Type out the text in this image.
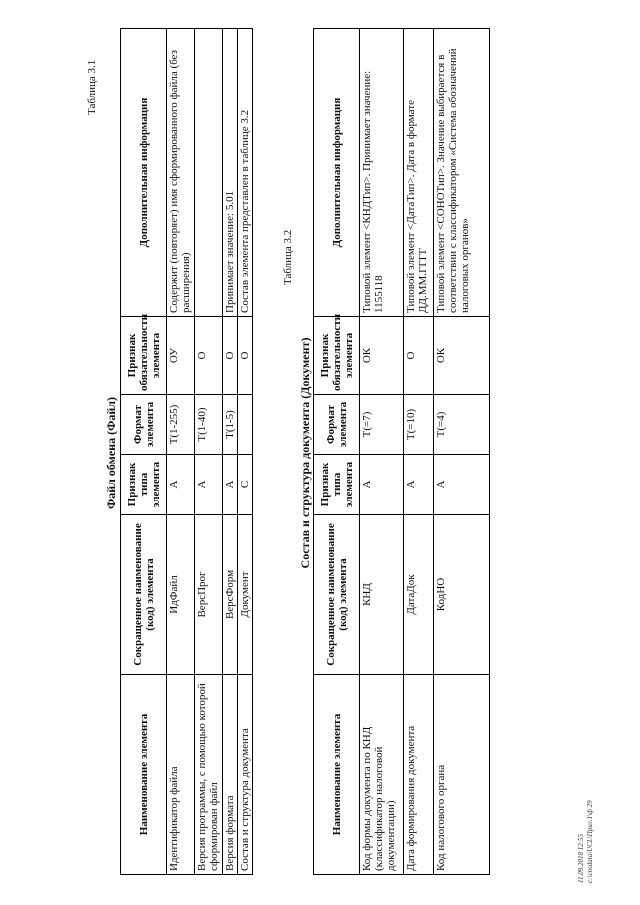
Таблица 3.1
Файл обмена (Файл)
Наименование элемента	Сокращенное наименование (код) элемента	Признак типа элемента	Формат элемента	Признак обязательности элемента	Дополнительная информация
Идентификатор файла	ИдФайл	А	T(1-255)	ОУ	Содержит (повторяет) имя сформированного файла (без расширения)
Версия программы, с помощью которой сформирован файл	ВерсПрог	А	T(1-40)	О	
Версия формата	ВерсФорм	А	T(1-5)	О	Принимает значение: 5.01
Состав и структура документа	Документ	С		О	Состав элемента представлен в таблице 3.2	Таблица 3.2
Состав и структура документа (Документ)
Наименование элемента	Сокращенное наименование (код) элемента	Признак типа элемента	Формат элемента	Признак обязательности элемента	Дополнительная информация
Код формы документа по КНД (классификатор налоговой документации)	КНД	А	T(=7)	ОК	Типовой элемент <КНДТип>. Принимает значение: 1155118
Дата формирования документа	ДатаДок	А	T(=10)	О	Типовой элемент <ДатаТип>. Дата в формате ДД.ММ.ГГГГ
Код налогового органа	КодНО	А	T(=4)	ОК	Типовой элемент <СОНОТип>. Значение выбирается в соответствии с классификатором «Система обозначений налоговых органов»
11.09.2018 12:55 c:\cnsdata\UCL\Прил.1\ф 29
